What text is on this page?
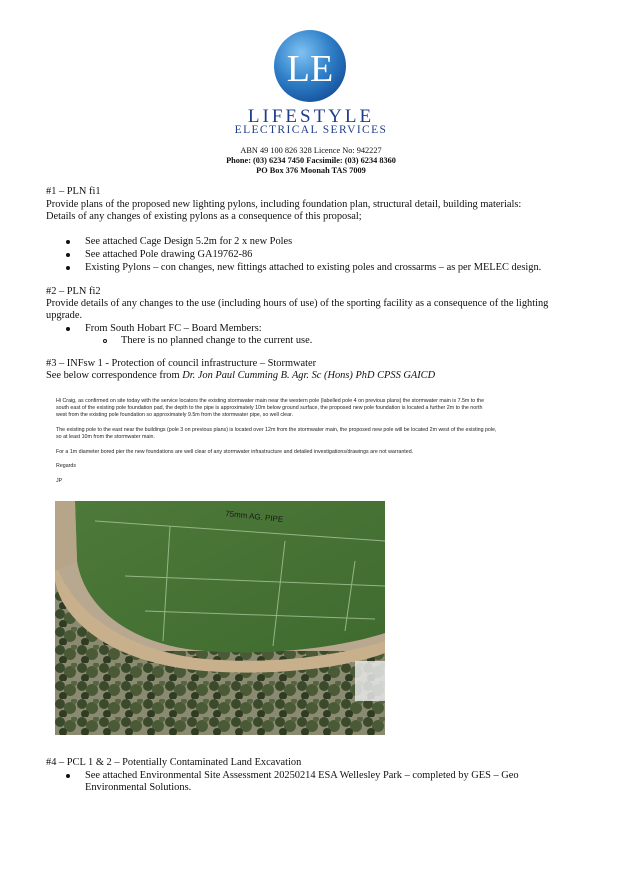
LE
LIFESTYLE
ELECTRICAL SERVICES
ABN 49 100 826 328 Licence No: 942227
Phone: (03) 6234 7450 Facsimile: (03) 6234 8360
PO Box 376 Moonah TAS 7009
#1 – PLN fi1
Provide plans of the proposed new lighting pylons, including foundation plan, structural detail, building materials:
Details of any changes of existing pylons as a consequence of this proposal;
See attached Cage Design 5.2m for 2 x new Poles
See attached Pole drawing GA19762-86
Existing Pylons – con changes, new fittings attached to existing poles and crossarms – as per MELEC design.
#2 – PLN fi2
Provide details of any changes to the use (including hours of use) of the sporting facility as a consequence of the lighting
upgrade.
From South Hobart FC – Board Members:
There is no planned change to the current use.
#3 – INFsw 1 - Protection of council infrastructure – Stormwater
See below correspondence from Dr. Jon Paul Cumming B. Agr. Sc (Hons) PhD CPSS GAICD
Hi Craig, as confirmed on site today with the service locators the existing stormwater main near the western pole (labelled pole 4 on previous plans) the stormwater main is 7.5m to the
south east of the existing pole foundation pad, the depth to the pipe is approximately 10m below ground surface, the proposed new pole foundation is located a further 2m to the north
west from the existing pole foundation so approximately 9.5m from the stormwater pipe, so well clear.
The existing pole to the east near the buildings (pole 3 on previous plans) is located over 12m from the stormwater main, the proposed new pole will be located 2m west of the existing pole,
so at least 10m from the stormwater main.
For a 1m diameter bored pier the new foundations are well clear of any stormwater infrastructure and detailed investigations/drawings are not warranted.
Regards
JP
75mm AG. PIPE
#4 – PCL 1 & 2 – Potentially Contaminated Land Excavation
See attached Environmental Site Assessment 20250214 ESA Wellesley Park – completed by GES – Geo
Environmental Solutions.
